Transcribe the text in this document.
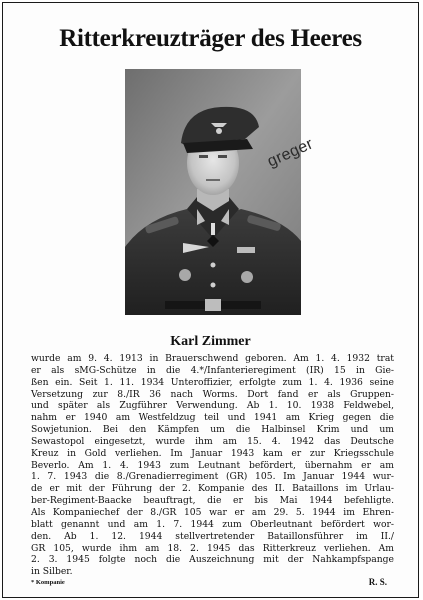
Ritterkreuzträger des Heeres
greger
Karl Zimmer
wurde am 9. 4. 1913 in Brauerschwend geboren. Am 1. 4. 1932 trat
er als sMG-Schütze in die 4.*/Infanterieregiment (IR) 15 in Gie-
ßen ein. Seit 1. 11. 1934 Unteroffizier, erfolgte zum 1. 4. 1936 seine
Versetzung zur 8./IR 36 nach Worms. Dort fand er als Gruppen-
und später als Zugführer Verwendung. Ab 1. 10. 1938 Feldwebel,
nahm er 1940 am Westfeldzug teil und 1941 am Krieg gegen die
Sowjetunion. Bei den Kämpfen um die Halbinsel Krim und um
Sewastopol eingesetzt, wurde ihm am 15. 4. 1942 das Deutsche
Kreuz in Gold verliehen. Im Januar 1943 kam er zur Kriegsschule
Beverlo. Am 1. 4. 1943 zum Leutnant befördert, übernahm er am
1. 7. 1943 die 8./Grenadierregiment (GR) 105. Im Januar 1944 wur-
de er mit der Führung der 2. Kompanie des II. Bataillons im Urlau-
ber-Regiment-Baacke beauftragt, die er bis Mai 1944 befehligte.
Als Kompaniechef der 8./GR 105 war er am 29. 5. 1944 im Ehren-
blatt genannt und am 1. 7. 1944 zum Oberleutnant befördert wor-
den. Ab 1. 12. 1944 stellvertretender Bataillonsführer im II./
GR 105, wurde ihm am 18. 2. 1945 das Ritterkreuz verliehen. Am
2. 3. 1945 folgte noch die Auszeichnung mit der Nahkampfspange
in Silber.
* Kompanie	R. S.
